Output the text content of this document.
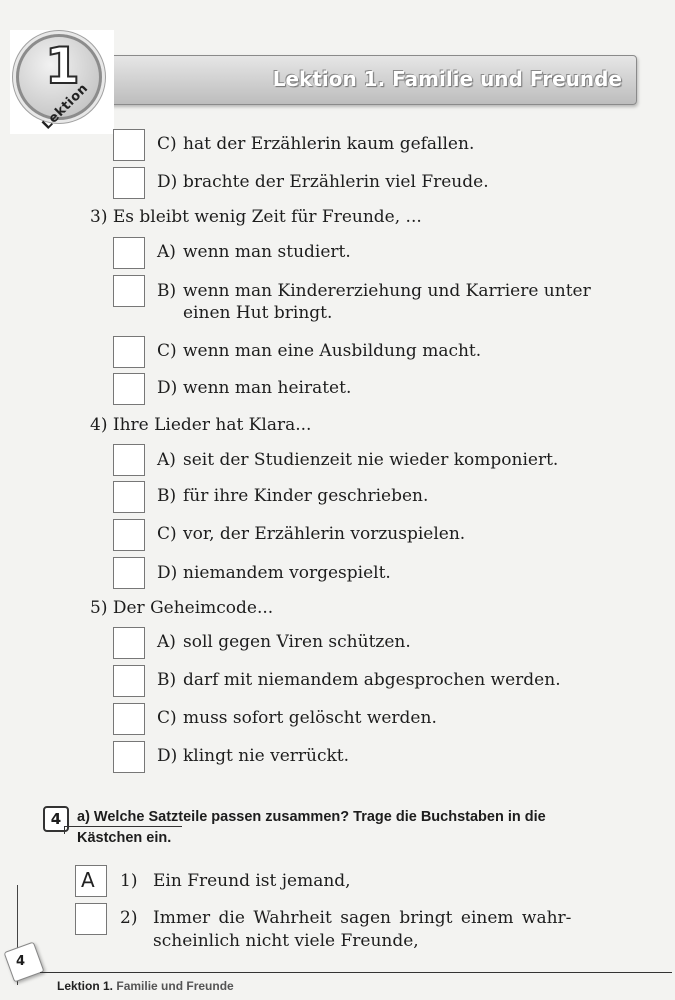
Lektion 1. Familie und Freunde
1
Lektion
C) hat der Erzählerin kaum gefallen.
D) brachte der Erzählerin viel Freude.
3) Es bleibt wenig Zeit für Freunde, ...
A) wenn man studiert.
B) wenn man Kindererziehung und Karriere unter
einen Hut bringt.
C) wenn man eine Ausbildung macht.
D) wenn man heiratet.
4) Ihre Lieder hat Klara...
A) seit der Studienzeit nie wieder komponiert.
B) für ihre Kinder geschrieben.
C) vor, der Erzählerin vorzuspielen.
D) niemandem vorgespielt.
5) Der Geheimcode...
A) soll gegen Viren schützen.
B) darf mit niemandem abgesprochen werden.
C) muss sofort gelöscht werden.
D) klingt nie verrückt.
4	a) Welche Satzteile passen zusammen? Trage die Buchstaben in die
Kästchen ein.
A 1) Ein Freund ist jemand,
2) Immer die Wahrheit sagen bringt einem wahr-
scheinlich nicht viele Freunde,
4
Lektion 1. Familie und Freunde
